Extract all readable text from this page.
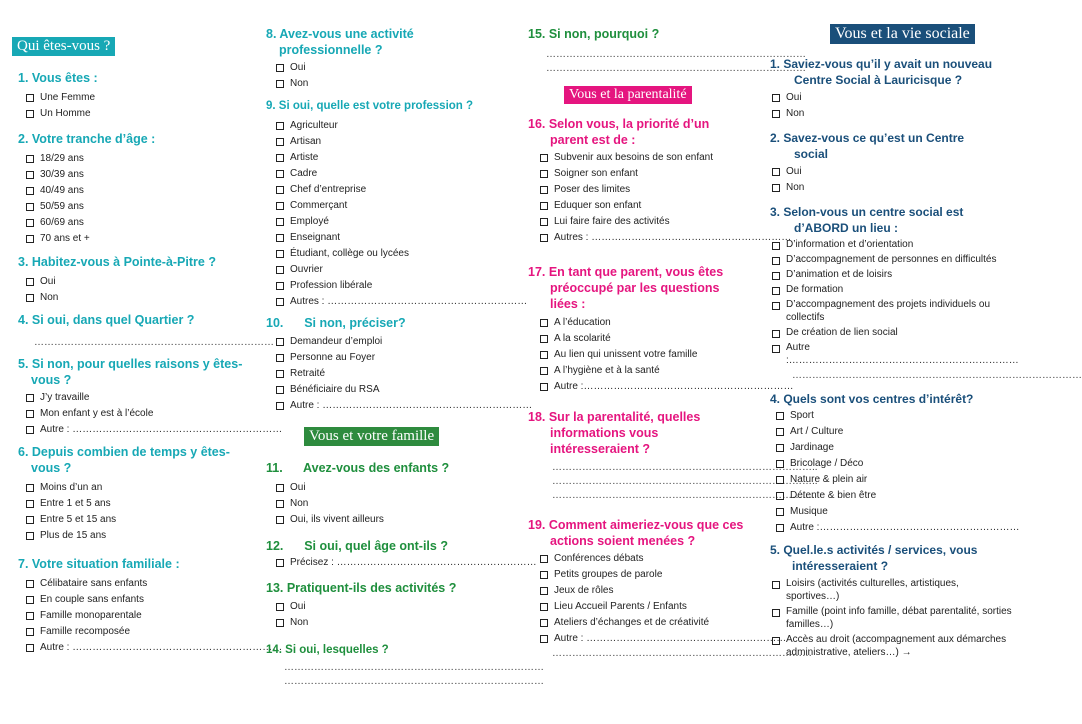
Qui êtes-vous ?
1. Vous êtes :
Une Femme
Un Homme
2. Votre tranche d’âge :
18/29 ans
30/39 ans
40/49 ans
50/59 ans
60/69 ans
70 ans et +
3. Habitez-vous à Pointe-à-Pitre ?
Oui
Non
4. Si oui, dans quel Quartier ?
………………………………………………………………
5. Si non, pour quelles raisons y êtes-
vous ?
J’y travaille
Mon enfant y est à l’école
Autre : ………………………………………………………
6. Depuis combien de temps y êtes-
vous ?
Moins d’un an
Entre 1 et 5 ans
Entre 5 et 15 ans
Plus de 15 ans
7. Votre situation familiale :
Célibataire sans enfants
En couple sans enfants
Famille monoparentale
Famille recomposée
Autre : ………………………………………………………
8. Avez-vous une activité
professionnelle ?
Oui
Non
9. Si oui, quelle est votre profession ?
Agriculteur
Artisan
Artiste
Cadre
Chef d’entreprise
Commerçant
Employé
Enseignant
Étudiant, collège ou lycées
Ouvrier
Profession libérale
Autres : ……………………………………………………
10.      Si non, préciser?
Demandeur d’emploi
Personne au Foyer
Retraité
Bénéficiaire du RSA
Autre : ………………………………………………………
Vous et votre famille
11.      Avez-vous des enfants ?
Oui
Non
Oui, ils vivent ailleurs
12.      Si oui, quel âge ont-ils ?
Précisez : ……………………………………………………
13. Pratiquent-ils des activités ?
Oui
Non
14. Si oui, lesquelles ?
……………………………………………………………………
……………………………………………………………………
15. Si non, pourquoi ?
……………………………………………………………………
……………………………………………………………………
Vous et la parentalité
16. Selon vous, la priorité d’un
parent est de :
Subvenir aux besoins de son enfant
Soigner son enfant
Poser des limites
Eduquer son enfant
Lui faire faire des activités
Autres : ……………………………………………………
17. En tant que parent, vous êtes
préoccupé par les questions
liées :
A l’éducation
A la scolarité
Au lien qui unissent votre famille
A l’hygiène et à la santé
Autre :………………………………………………………
18. Sur la parentalité, quelles
informations vous
intéresseraient ?
……………………………………………………………………..
……………………………………………………………………..
…………………………………………………………………….
19. Comment aimeriez-vous que ces
actions soient menées ?
Conférences débats
Petits groupes de parole
Jeux de rôles
Lieu Accueil Parents / Enfants
Ateliers d’échanges et de créativité
Autre : ……………………………………………………
……………………………………………………………………
Vous et la vie sociale
1. Saviez-vous qu’il y avait un nouveau
Centre Social à Lauricisque ?
Oui
Non
2. Savez-vous ce qu’est un Centre
social
Oui
Non
3. Selon-vous un centre social est
d’ABORD un lieu :
D’information et d’orientation
D’accompagnement de personnes en difficultés
D’animation et de loisirs
De formation
D’accompagnement des projets individuels ou collectifs
De création de lien social
Autre :……………………………………………………………
……………………………………………………………………………
4. Quels sont vos centres d’intérêt?
Sport
Art / Culture
Jardinage
Bricolage / Déco
Nature & plein air
Détente & bien être
Musique
Autre :……………………………………………………
5. Quel.le.s activités / services, vous
intéresseraient ?
Loisirs (activités culturelles, artistiques, sportives…)
Famille (point info famille, débat parentalité, sorties familles…)
Accès au droit (accompagnement aux démarches administrative, ateliers…) →
